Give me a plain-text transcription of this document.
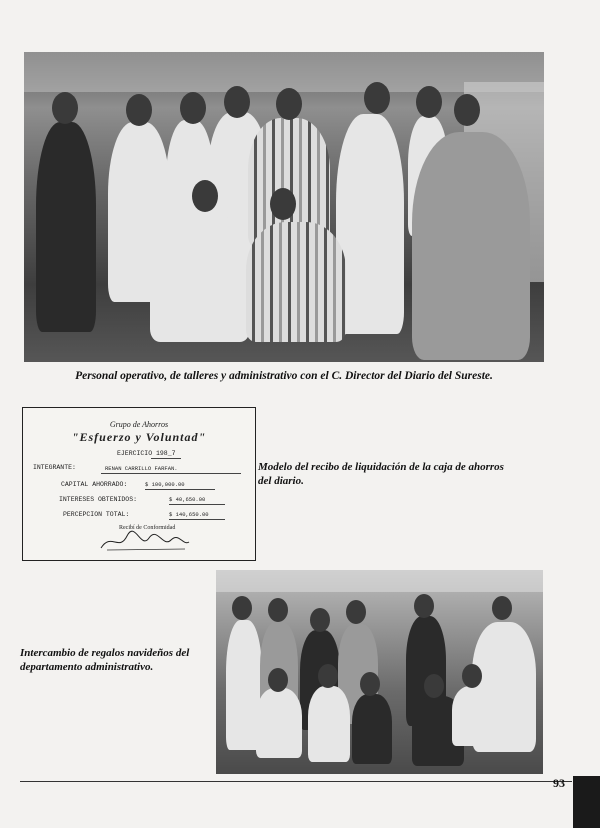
Personal operativo, de talleres y administrativo con el C. Director del Diario del Sureste.
Grupo de Ahorros
"Esfuerzo y Voluntad"
EJERCICIO 198_7
INTEGRANTE:	RENAN CARRILLO FARFAN.
CAPITAL AHORRADO:	$ 100,000.00
INTERESES OBTENIDOS:	$ 40,650.00
PERCEPCION TOTAL:	$ 140,650.00
Recibí de Conformidad
Modelo del recibo de liquidación de la caja de ahorros del diario.
Intercambio de regalos navideños del departamento administrativo.
93
